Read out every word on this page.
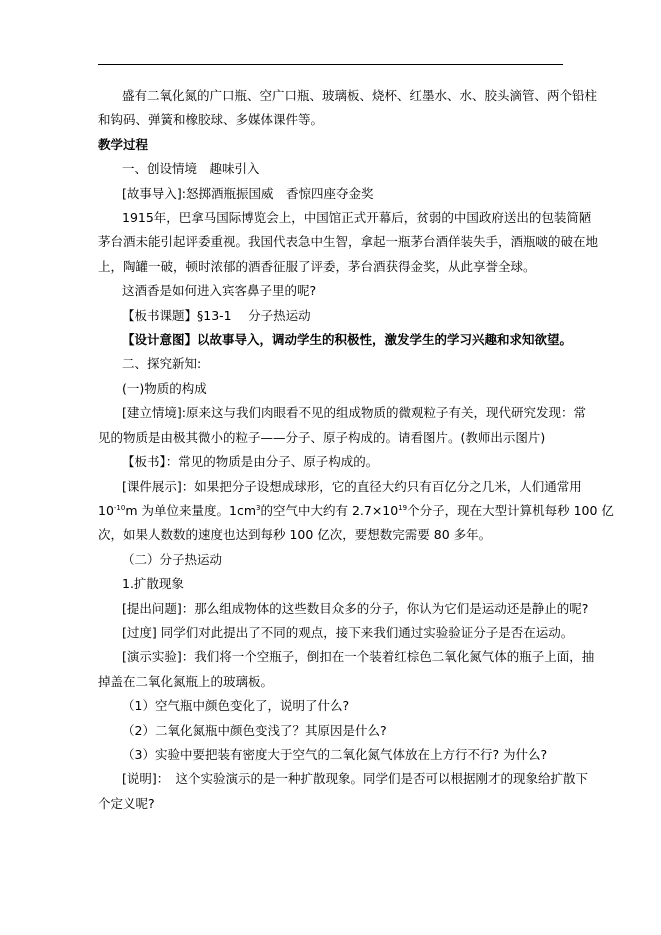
盛有二氧化氮的广口瓶、空广口瓶、玻璃板、烧杯、红墨水、水、胶头滴管、两个铅柱

和钩码、弹簧和橡胶球、多媒体课件等。

教学过程

一、创设情境　趣味引入

[故事导入]:怒掷酒瓶振国威　香惊四座夺金奖

1915年，巴拿马国际博览会上，中国馆正式开幕后，贫弱的中国政府送出的包装简陋

茅台酒未能引起评委重视。我国代表急中生智，拿起一瓶茅台酒佯装失手，酒瓶啵的破在地

上，陶罐一破，顿时浓郁的酒香征服了评委，茅台酒获得金奖，从此享誉全球。

这酒香是如何进入宾客鼻子里的呢?

【板书课题】§13-1　 分子热运动

【设计意图】以故事导入，调动学生的积极性，激发学生的学习兴趣和求知欲望。

二、探究新知:

(一)物质的构成

[建立情境]:原来这与我们肉眼看不见的组成物质的微观粒子有关，现代研究发现：常

见的物质是由极其微小的粒子——分子、原子构成的。请看图片。(教师出示图片)

【板书】：常见的物质是由分子、原子构成的。

[课件展示]：如果把分子设想成球形，它的直径大约只有百亿分之几米，人们通常用

$10^{-10}m$ 为单位来量度。$1cm^3$的空气中大约有 $2.7\times 10^{19}$个分子，现在大型计算机每秒 100 亿

次，如果人数数的速度也达到每秒 100 亿次，要想数完需要 80 多年。

（二）分子热运动

1.扩散现象

[提出问题]：那么组成物体的这些数目众多的分子，你认为它们是运动还是静止的呢?

[过度] 同学们对此提出了不同的观点，接下来我们通过实验验证分子是否在运动。

[演示实验]：我们将一个空瓶子，倒扣在一个装着红棕色二氧化氮气体的瓶子上面，抽

掉盖在二氧化氮瓶上的玻璃板。

（1）空气瓶中颜色变化了，说明了什么?

（2）二氧化氮瓶中颜色变浅了？其原因是什么?

（3）实验中要把装有密度大于空气的二氧化氮气体放在上方行不行? 为什么?

[说明]：　这个实验演示的是一种扩散现象。同学们是否可以根据刚才的现象给扩散下

个定义呢?
